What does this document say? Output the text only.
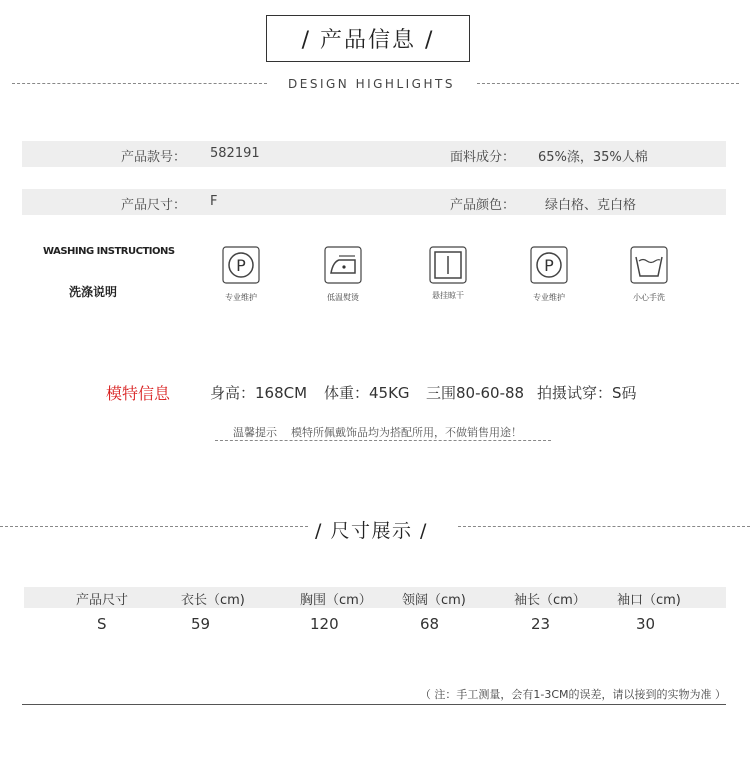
/ 产品信息 /
DESIGN HIGHLIGHTS
产品款号： 582191	面料成分： 65%涤，35%人棉
产品尺寸： F	产品颜色： 绿白格、克白格
WASHING INSTRUCTIONS
洗涤说明
P
专业维护	低温熨烫	悬挂晾干
P
专业维护	小心手洗
模特信息	身高：168CM 体重：45KG 三围80-60-88 拍摄试穿：S码
温馨提示    模特所佩戴饰品均为搭配所用，不做销售用途！
/ 尺寸展示 /
产品尺寸	衣长（cm)	胸围（cm） 领阔（cm)	袖长（cm） 袖口（cm)
S	59	120	68	23	30
（ 注：手工测量，会有1-3CM的误差，请以接到的实物为准 ）
